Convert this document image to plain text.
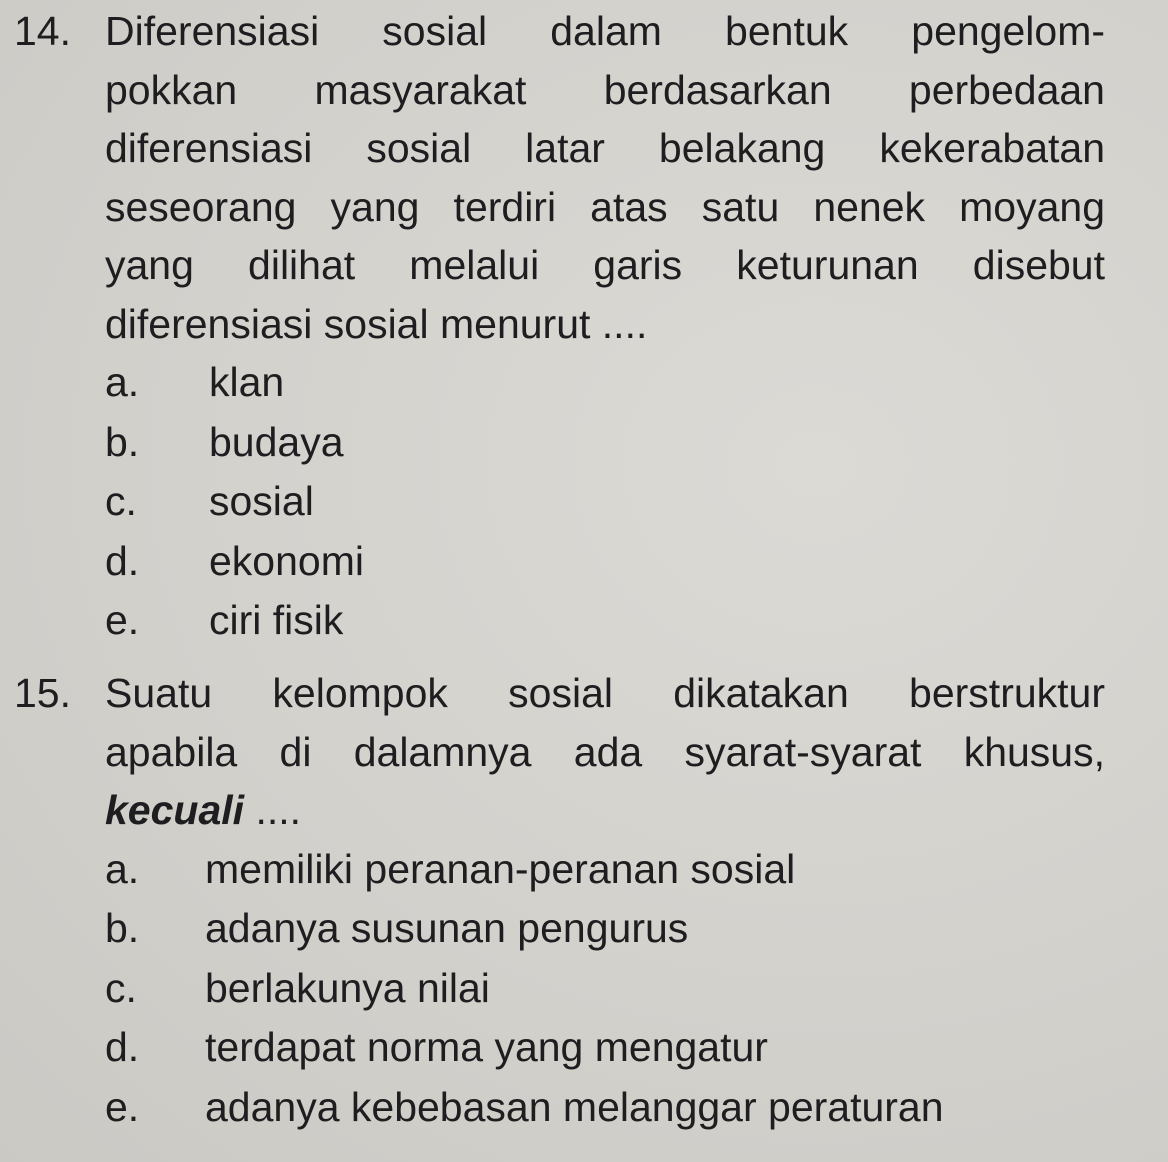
14. Diferensiasi sosial dalam bentuk pengelom-
pokkan masyarakat berdasarkan perbedaan
diferensiasi sosial latar belakang kekerabatan
seseorang yang terdiri atas satu nenek moyang
yang dilihat melalui garis keturunan disebut
diferensiasi sosial menurut ....
a.	klan
b.	budaya
c.	sosial
d.	ekonomi
e.	ciri fisik
15. Suatu kelompok sosial dikatakan berstruktur
apabila di dalamnya ada syarat-syarat khusus,
kecuali ....
a.	memiliki peranan-peranan sosial
b.	adanya susunan pengurus
c.	berlakunya nilai
d.	terdapat norma yang mengatur
e.	adanya kebebasan melanggar peraturan
